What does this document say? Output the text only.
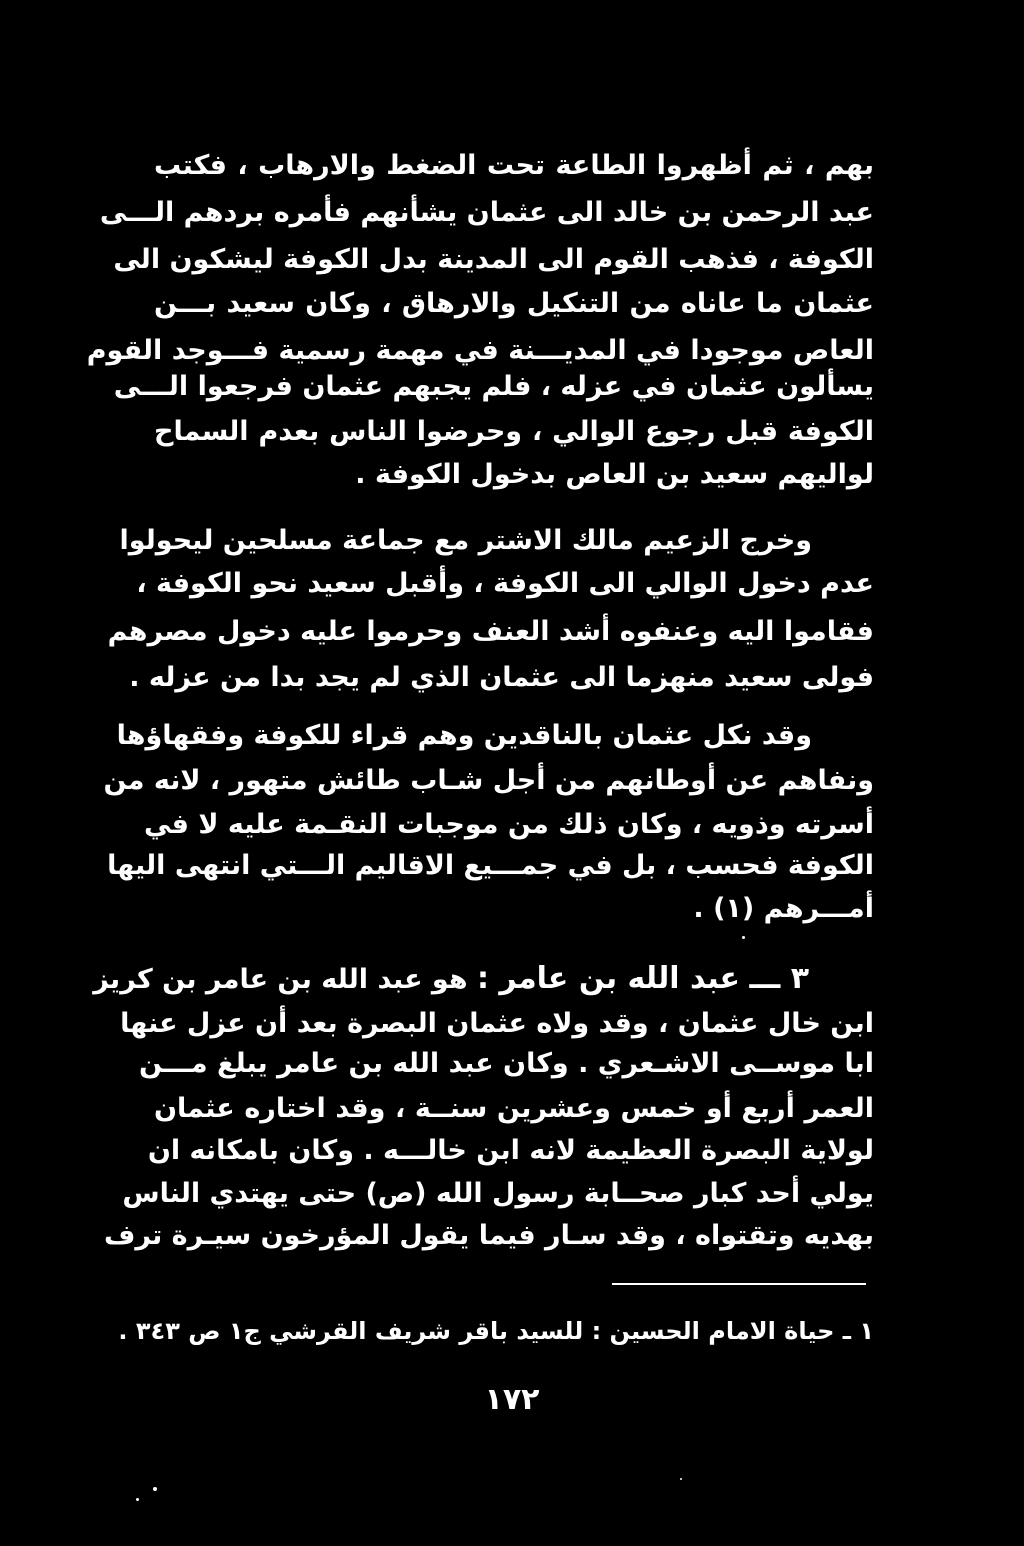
بهم ، ثم أظهروا الطاعة تحت الضغط والارهاب ، فكتب
عبد الرحمن بن خالد الى عثمان يشأنهم فأمره بردهم الـــى
الكوفة ، فذهب القوم الى المدينة بدل الكوفة ليشكون الى
عثمان ما عاناه من التنكيل والارهاق ، وكان سعيد بـــن
العاص موجودا في المديـــنة في مهمة رسمية فـــوجد القوم
يسألون عثمان في عزله ، فلم يجبهم عثمان فرجعوا الـــى
الكوفة قبل رجوع الوالي ، وحرضوا الناس بعدم السماح
لواليهم سعيد بن العاص بدخول الكوفة .
وخرج الزعيم مالك الاشتر مع جماعة مسلحين ليحولوا
عدم دخول الوالي الى الكوفة ، وأقبل سعيد نحو الكوفة ،
فقاموا اليه وعنفوه أشد العنف وحرموا عليه دخول مصرهم
فولى سعيد منهزما الى عثمان الذي لم يجد بدا من عزله .
وقد نكل عثمان بالناقدين وهم قراء للكوفة وفقهاؤها
ونفاهم عن أوطانهم من أجل شـاب طائش متهور ، لانه من
أسرته وذويه ، وكان ذلك من موجبات النقـمة عليه لا في
الكوفة فحسب ، بل في جمـــيع الاقاليم الـــتي انتهى اليها
أمـــرهم (١) .
٣ ـــ عبد الله بن عامر : هو عبد الله بن عامر بن كريز
ابن خال عثمان ، وقد ولاه عثمان البصرة بعد أن عزل عنها
ابا موســى الاشـعري . وكان عبد الله بن عامر يبلغ مـــن
العمر أربع أو خمس وعشرين سنــة ، وقد اختاره عثمان
لولاية البصرة العظيمة لانه ابن خالـــه . وكان بامكانه ان
يولي أحد كبار صحــابة رسول الله (ص) حتى يهتدي الناس
بهديه وتقتواه ، وقد سـار فيما يقول المؤرخون سيـرة ترف
١ ـ حياة الامام الحسين : للسيد باقر شريف القرشي ج١ ص ٣٤٣ .
١٧٢
